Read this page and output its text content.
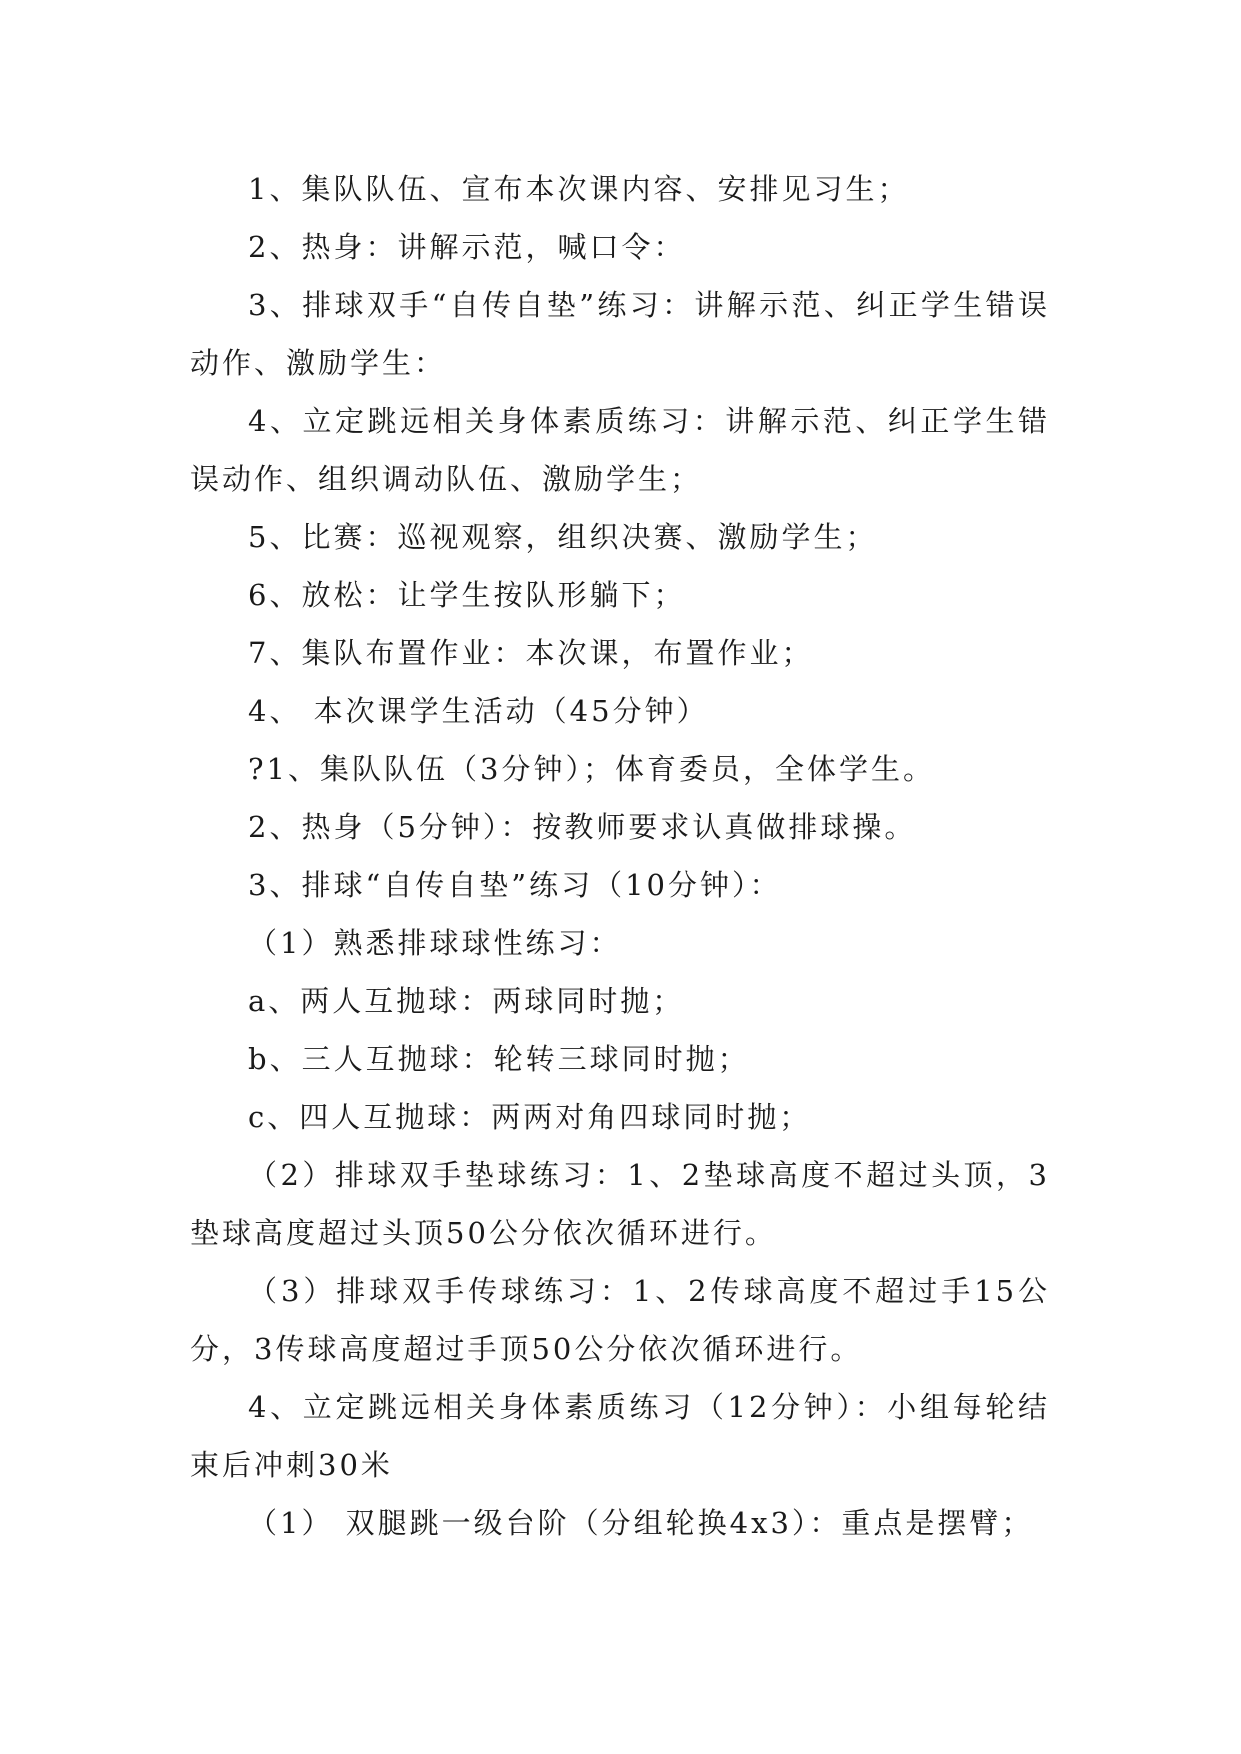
1、集队队伍、宣布本次课内容、安排见习生；

2、热身：讲解示范，喊口令：

3、排球双手“自传自垫”练习：讲解示范、纠正学生错误动作、激励学生：

4、立定跳远相关身体素质练习：讲解示范、纠正学生错误动作、组织调动队伍、激励学生；

5、比赛：巡视观察，组织决赛、激励学生；

6、放松：让学生按队形躺下；

7、集队布置作业：本次课，布置作业；

4、 本次课学生活动（45分钟）

?1、集队队伍（3分钟）；体育委员，全体学生。

2、热身（5分钟）：按教师要求认真做排球操。

3、排球“自传自垫”练习（10分钟）：

（1）熟悉排球球性练习：

a、两人互抛球：两球同时抛；

b、三人互抛球：轮转三球同时抛；

c、四人互抛球：两两对角四球同时抛；

（2）排球双手垫球练习：1、2垫球高度不超过头顶，3垫球高度超过头顶50公分依次循环进行。

（3）排球双手传球练习：1、2传球高度不超过手15公分，3传球高度超过手顶50公分依次循环进行。

4、立定跳远相关身体素质练习（12分钟）：小组每轮结束后冲刺30米

（1） 双腿跳一级台阶（分组轮换4x3）：重点是摆臂；
